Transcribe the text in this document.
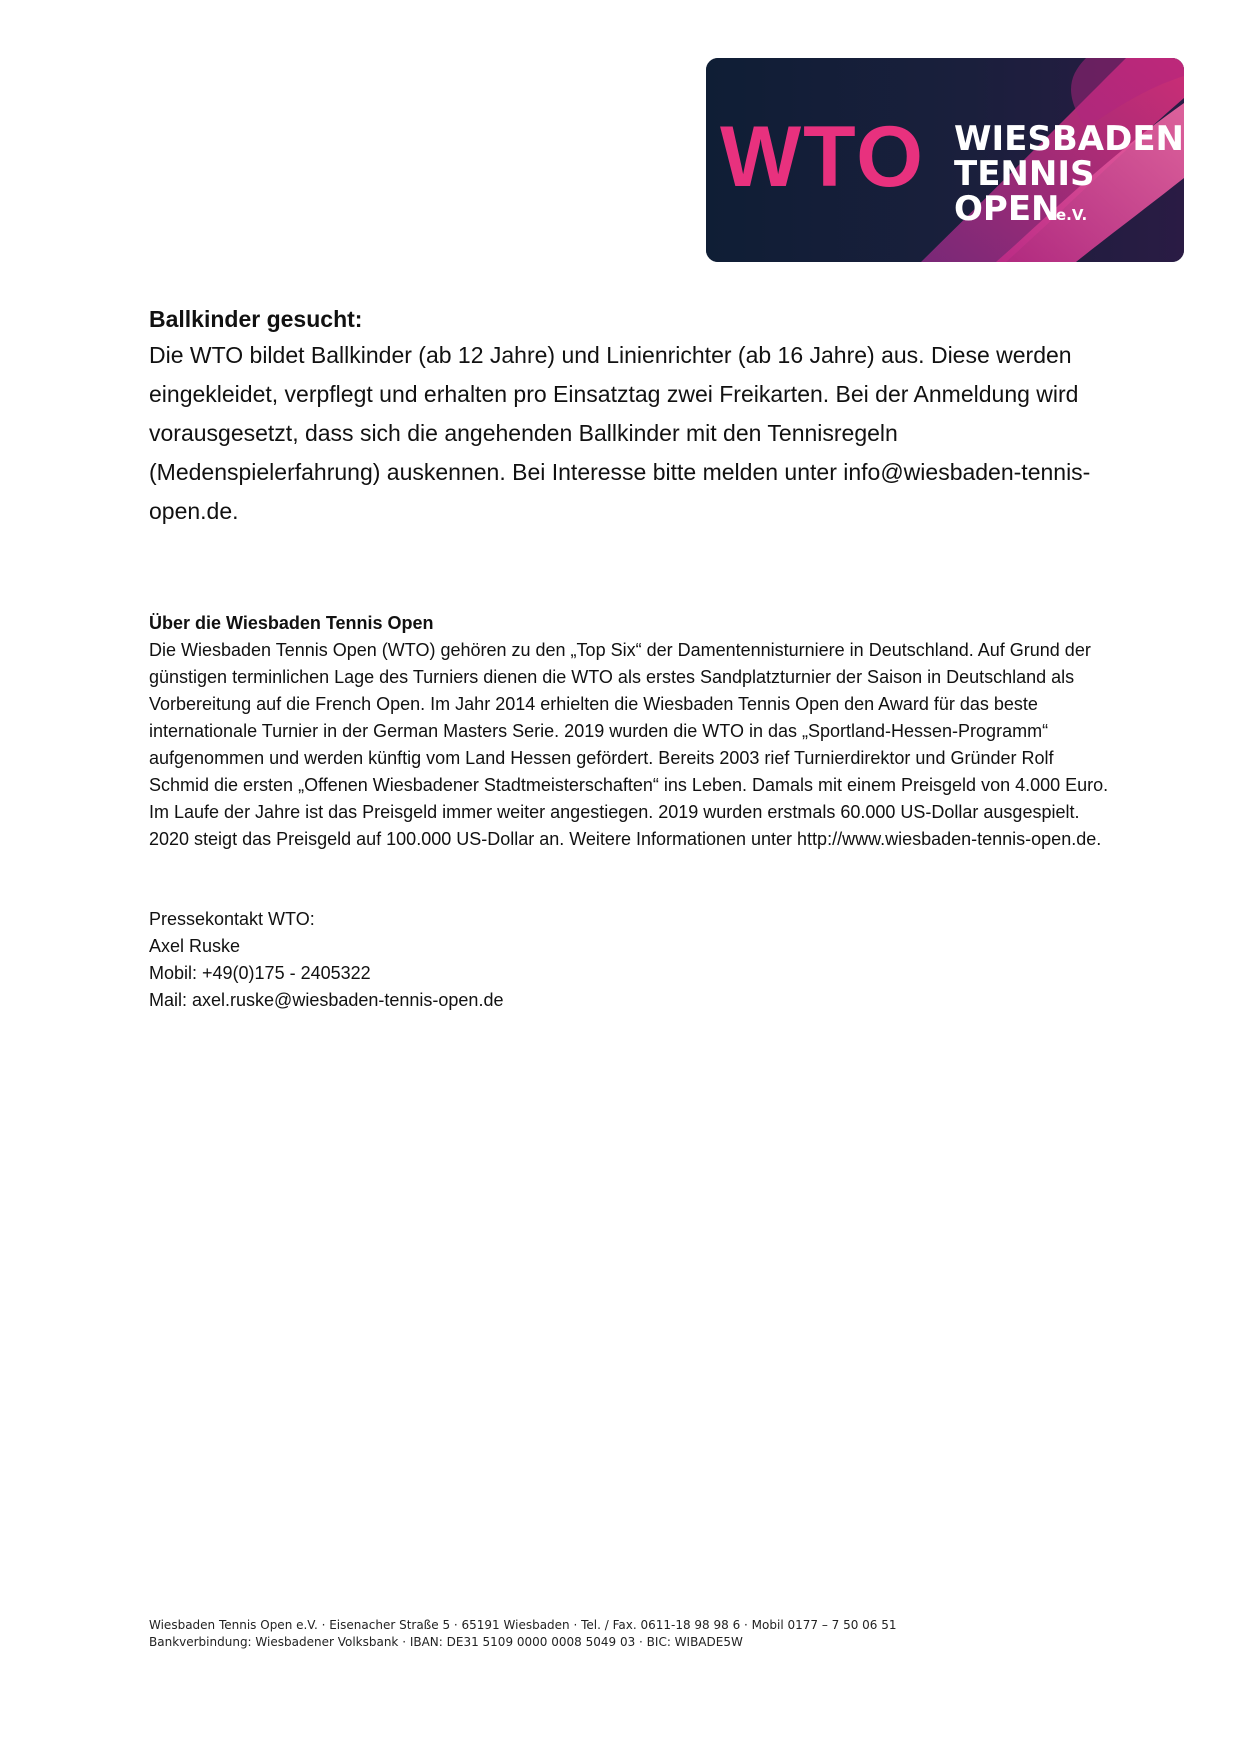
WTO WIESBADEN
TENNIS
OPEN
e.V.
Ballkinder gesucht:

Die WTO bildet Ballkinder (ab 12 Jahre) und Linienrichter (ab 16 Jahre) aus. Diese werden eingekleidet, verpflegt und erhalten pro Einsatztag zwei Freikarten. Bei der Anmeldung wird vorausgesetzt, dass sich die angehenden Ballkinder mit den Tennisregeln (Medenspielerfahrung) auskennen. Bei Interesse bitte melden unter info@wiesbaden-tennis-open.de.

Über die Wiesbaden Tennis Open

Die Wiesbaden Tennis Open (WTO) gehören zu den „Top Six“ der Damentennisturniere in Deutschland. Auf Grund der günstigen terminlichen Lage des Turniers dienen die WTO als erstes Sandplatzturnier der Saison in Deutschland als Vorbereitung auf die French Open. Im Jahr 2014 erhielten die Wiesbaden Tennis Open den Award für das beste internationale Turnier in der German Masters Serie. 2019 wurden die WTO in das „Sportland-Hessen-Programm“ aufgenommen und werden künftig vom Land Hessen gefördert. Bereits 2003 rief Turnierdirektor und Gründer Rolf Schmid die ersten „Offenen Wiesbadener Stadtmeisterschaften“ ins Leben. Damals mit einem Preisgeld von 4.000 Euro. Im Laufe der Jahre ist das Preisgeld immer weiter angestiegen. 2019 wurden erstmals 60.000 US-Dollar ausgespielt. 2020 steigt das Preisgeld auf 100.000 US-Dollar an. Weitere Informationen unter http://www.wiesbaden-tennis-open.de.

Pressekontakt WTO:
Axel Ruske
Mobil: +49(0)175 - 2405322
Mail: axel.ruske@wiesbaden-tennis-open.de
Wiesbaden Tennis Open e.V. · Eisenacher Straße 5 · 65191 Wiesbaden · Tel. / Fax. 0611-18 98 98 6 · Mobil 0177 – 7 50 06 51
Bankverbindung: Wiesbadener Volksbank · IBAN: DE31 5109 0000 0008 5049 03 · BIC: WIBADE5W
